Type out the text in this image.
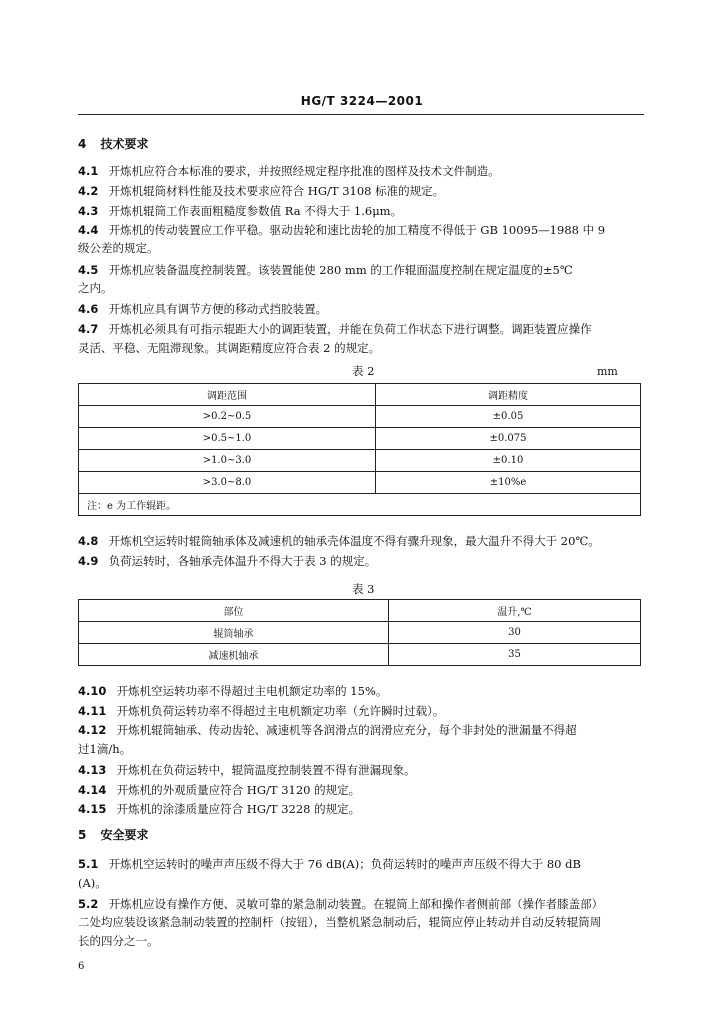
HG/T 3224—2001
4 技术要求
4.1 开炼机应符合本标准的要求，并按照经规定程序批准的图样及技术文件制造。
4.2 开炼机辊筒材料性能及技术要求应符合 HG/T 3108 标准的规定。
4.3 开炼机辊筒工作表面粗糙度参数值 Ra 不得大于 1.6μm。
4.4 开炼机的传动装置应工作平稳。驱动齿轮和速比齿轮的加工精度不得低于 GB 10095—1988 中 9
级公差的规定。
4.5 开炼机应装备温度控制装置。该装置能使 280 mm 的工作辊面温度控制在规定温度的±5℃
之内。
4.6 开炼机应具有调节方便的移动式挡胶装置。
4.7 开炼机必须具有可指示辊距大小的调距装置，并能在负荷工作状态下进行调整。调距装置应操作
灵活、平稳、无阻滞现象。其调距精度应符合表 2 的规定。
表 2	mm
调距范围	调距精度
>0.2~0.5	±0.05
>0.5~1.0	±0.075
>1.0~3.0	±0.10
>3.0~8.0	±10%e
注：e 为工作辊距。	
4.8 开炼机空运转时辊筒轴承体及减速机的轴承壳体温度不得有骤升现象，最大温升不得大于 20℃。
4.9 负荷运转时，各轴承壳体温升不得大于表 3 的规定。
表 3
部位	温升,℃
辊筒轴承	30
减速机轴承	35
4.10 开炼机空运转功率不得超过主电机额定功率的 15%。
4.11 开炼机负荷运转功率不得超过主电机额定功率（允许瞬时过载）。
4.12 开炼机辊筒轴承、传动齿轮、减速机等各润滑点的润滑应充分，每个非封处的泄漏量不得超
过1滴/h。
4.13 开炼机在负荷运转中，辊筒温度控制装置不得有泄漏现象。
4.14 开炼机的外观质量应符合 HG/T 3120 的规定。
4.15 开炼机的涂漆质量应符合 HG/T 3228 的规定。
5 安全要求
5.1 开炼机空运转时的噪声声压级不得大于 76 dB(A)；负荷运转时的噪声声压级不得大于 80 dB
(A)。
5.2 开炼机应设有操作方便、灵敏可靠的紧急制动装置。在辊筒上部和操作者侧前部（操作者膝盖部）
二处均应装设该紧急制动装置的控制杆（按钮），当整机紧急制动后，辊筒应停止转动并自动反转辊筒周
长的四分之一。
6
